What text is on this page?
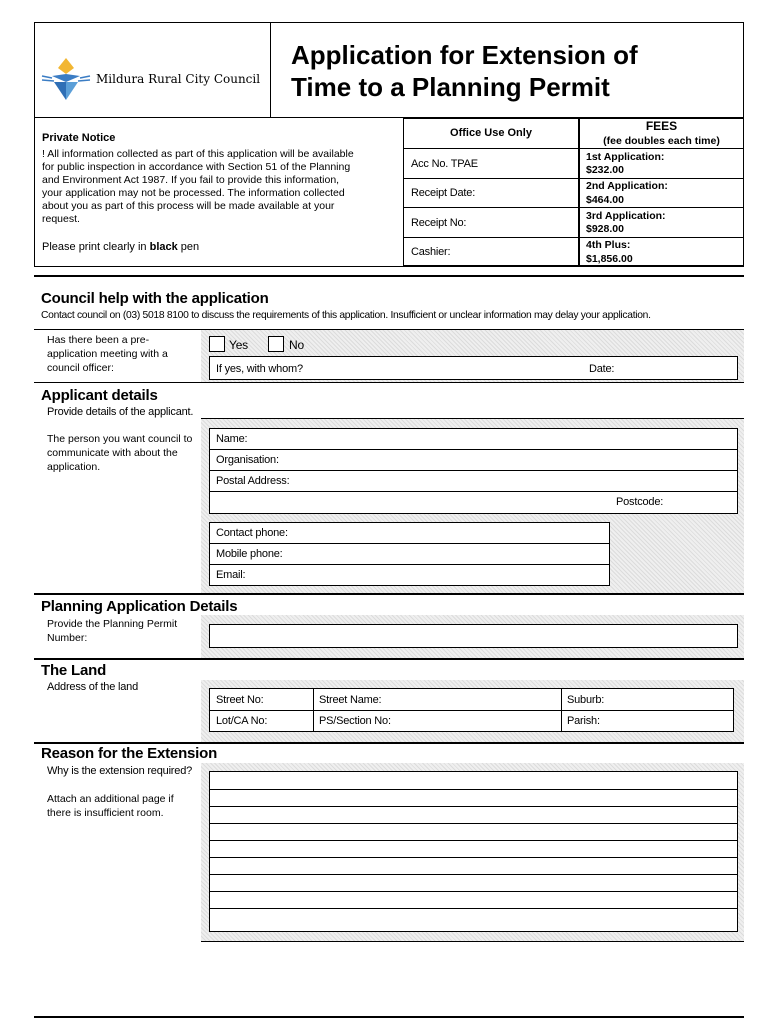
Mildura Rural City Council
Application for Extension of
Time to a Planning Permit
Private Notice
! All information collected as part of this application will be available
for public inspection in accordance with Section 51 of the Planning
and Environment Act 1987. If you fail to provide this information,
your application may not be processed. The information collected
about you as part of this process will be made available at your
request.
Please print clearly in black pen
Office Use Only
Acc No. TPAE
Receipt Date:
Receipt No:
Cashier:
FEES
(fee doubles each time)
1st Application:
$232.00
2nd Application:
$464.00
3rd Application:
$928.00
4th Plus:
$1,856.00
Council help with the application
Contact council on (03) 5018 8100 to discuss the requirements of this application. Insufficient or unclear information may delay your application.
Has there been a pre-
application meeting with a
council officer:
Yes	No
If yes, with whom?	Date:
Applicant details
Provide details of the applicant.
The person you want council to
communicate with about the
application.
Name:
Organisation:
Postal Address:
Postcode:
Contact phone:
Mobile phone:
Email:
Planning Application Details
Provide the Planning Permit
Number:
The Land
Address of the land
Street No:	Street Name:	Suburb:
Lot/CA No:	PS/Section No:	Parish:
Reason for the Extension
Why is the extension required?
Attach an additional page if
there is insufficient room.
